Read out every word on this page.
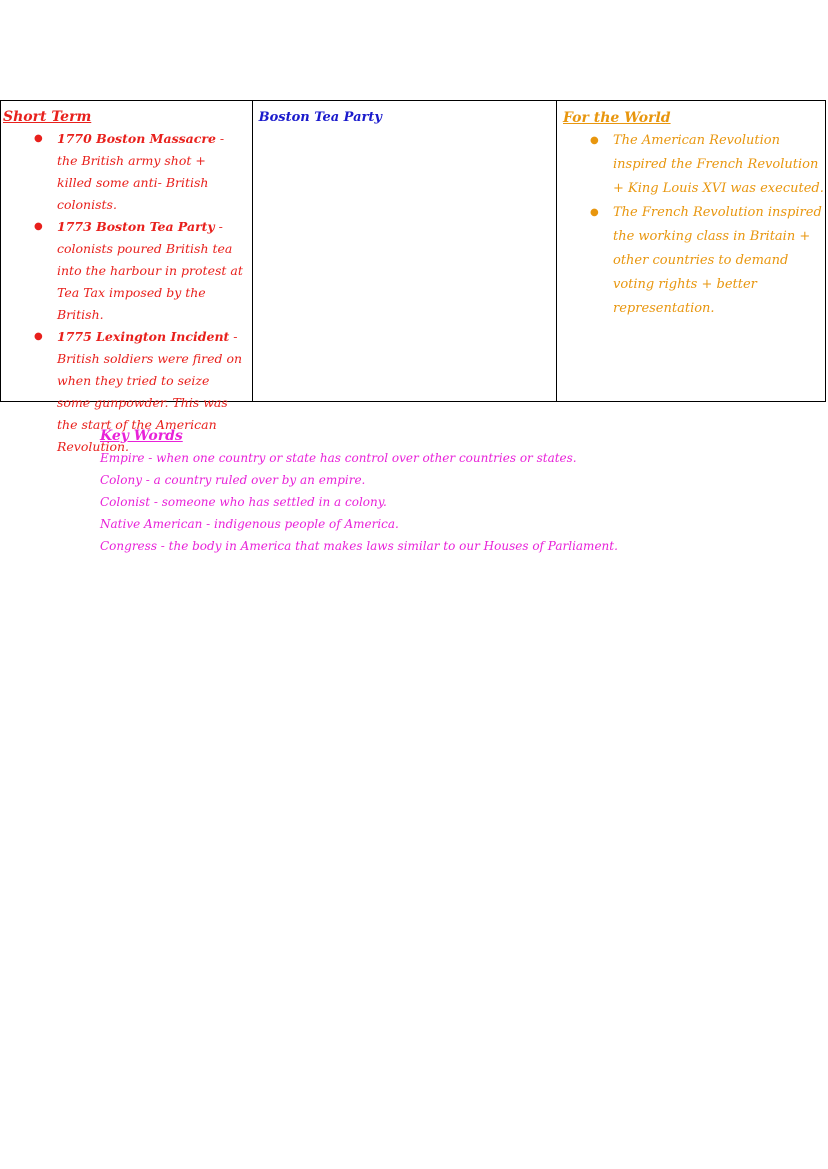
Short Term
● 1770 Boston Massacre - the British army shot + killed some anti- British colonists.
● 1773 Boston Tea Party - colonists poured British tea into the harbour in protest at Tea Tax imposed by the British.
● 1775 Lexington Incident - British soldiers were fired on when they tried to seize some gunpowder. This was the start of the American Revolution.
Boston Tea Party	For the World
● The American Revolution inspired the French Revolution + King Louis XVI was executed.
● The French Revolution inspired the working class in Britain + other countries to demand voting rights + better representation.
Key Words
Empire - when one country or state has control over other countries or states.
Colony - a country ruled over by an empire.
Colonist - someone who has settled in a colony.
Native American - indigenous people of America.
Congress - the body in America that makes laws similar to our Houses of Parliament.
